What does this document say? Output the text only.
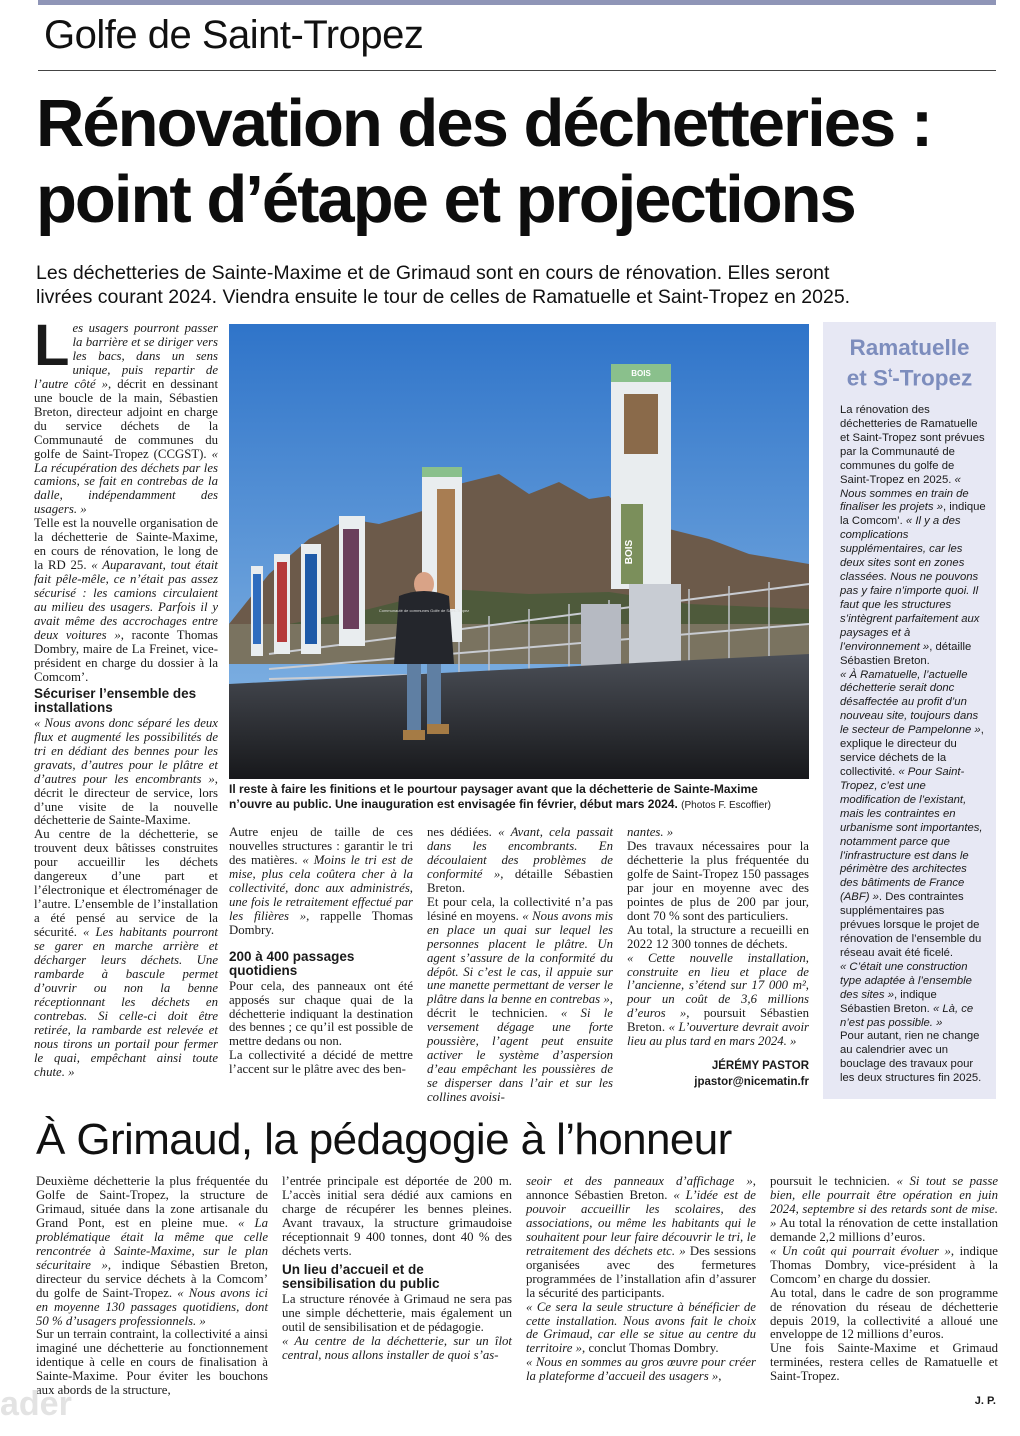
Golfe de Saint-Tropez
Rénovation des déchetteries :
point d’étape et projections
Les déchetteries de Sainte-Maxime et de Grimaud sont en cours de rénovation. Elles seront
livrées courant 2024. Viendra ensuite le tour de celles de Ramatuelle et Saint-Tropez en 2025.

Les usagers pourront passer la barrière et se diriger vers les bacs, dans un sens unique, puis repartir de l’autre côté », décrit en dessinant une boucle de la main, Sébastien Breton, directeur adjoint en charge du service déchets de la Communauté de communes du golfe de Saint-Tropez (CCGST). « La récupération des déchets par les camions, se fait en contrebas de la dalle, indépendamment des usagers. »

Telle est la nouvelle organisation de la déchetterie de Sainte-Maxime, en cours de rénovation, le long de la RD 25. « Auparavant, tout était fait pêle-mêle, ce n’était pas assez sécurisé : les camions circulaient au milieu des usagers. Parfois il y avait même des accrochages entre deux voitures », raconte Thomas Dombry, maire de La Freinet, vice-président en charge du dossier à la Comcom’.

Sécuriser l’ensemble des installations

« Nous avons donc séparé les deux flux et augmenté les possibilités de tri en dédiant des bennes pour les gravats, d’autres pour le plâtre et d’autres pour les encombrants », décrit le directeur de service, lors d’une visite de la nouvelle déchetterie de Sainte-Maxime.

Au centre de la déchetterie, se trouvent deux bâtisses construites pour accueillir les déchets dangereux d’une part et l’électronique et électroménager de l’autre. L’ensemble de l’installation a été pensé au service de la sécurité. « Les habitants pourront se garer en marche arrière et décharger leurs déchets. Une rambarde à bascule permet d’ouvrir ou non la benne réceptionnant les déchets en contrebas. Si celle-ci doit être retirée, la rambarde est relevée et nous tirons un portail pour fermer le quai, empêchant ainsi toute chute. »

BOIS
BOIS
Communauté de communes Golfe de Saint-Tropez
Il reste à faire les finitions et le pourtour paysager avant que la déchetterie de Sainte-Maxime
n’ouvre au public. Une inauguration est envisagée fin février, début mars 2024. (Photos F. Escoffier)

Autre enjeu de taille de ces nouvelles structures : garantir le tri des matières. « Moins le tri est de mise, plus cela coûtera cher à la collectivité, donc aux administrés, une fois le retraitement effectué par les filières », rappelle Thomas Dombry.

200 à 400 passages quotidiens

Pour cela, des panneaux ont été apposés sur chaque quai de la déchetterie indiquant la destination des bennes ; ce qu’il est possible de mettre dedans ou non.

La collectivité a décidé de mettre l’accent sur le plâtre avec des ben-

nes dédiées. « Avant, cela passait dans les encombrants. En découlaient des problèmes de conformité », détaille Sébastien Breton.

Et pour cela, la collectivité n’a pas lésiné en moyens. « Nous avons mis en place un quai sur lequel les personnes placent le plâtre. Un agent s’assure de la conformité du dépôt. Si c’est le cas, il appuie sur une manette permettant de verser le plâtre dans la benne en contrebas », décrit le technicien. « Si le versement dégage une forte poussière, l’agent peut ensuite activer le système d’aspersion d’eau empêchant les poussières de se disperser dans l’air et sur les collines avoisi-

nantes. »

Des travaux nécessaires pour la déchetterie la plus fréquentée du golfe de Saint-Tropez 150 passages par jour en moyenne avec des pointes de plus de 200 par jour, dont 70 % sont des particuliers.

Au total, la structure a recueilli en 2022 12 300 tonnes de déchets.

« Cette nouvelle installation, construite en lieu et place de l’ancienne, s’étend sur 17 000 m², pour un coût de 3,6 millions d’euros », poursuit Sébastien Breton. « L’ouverture devrait avoir lieu au plus tard en mars 2024. »

JÉRÉMY PASTOR
jpastor@nicematin.fr
Ramatuelle
et $S^t$-Tropez

La rénovation des déchetteries de Ramatuelle et Saint-Tropez sont prévues par la Communauté de communes du golfe de Saint-Tropez en 2025. « Nous sommes en train de finaliser les projets », indique la Comcom’. « Il y a des complications supplémentaires, car les deux sites sont en zones classées. Nous ne pouvons pas y faire n’importe quoi. Il faut que les structures s’intègrent parfaitement aux paysages et à l’environnement », détaille Sébastien Breton.

« À Ramatuelle, l’actuelle déchetterie serait donc désaffectée au profit d’un nouveau site, toujours dans le secteur de Pampelonne », explique le directeur du service déchets de la collectivité. « Pour Saint-Tropez, c’est une modification de l’existant, mais les contraintes en urbanisme sont importantes, notamment parce que l’infrastructure est dans le périmètre des architectes des bâtiments de France (ABF) ». Des contraintes supplémentaires pas prévues lorsque le projet de rénovation de l’ensemble du réseau avait été ficelé.

« C’était une construction type adaptée à l’ensemble des sites », indique Sébastien Breton. « Là, ce n’est pas possible. »

Pour autant, rien ne change au calendrier avec un bouclage des travaux pour les deux structures fin 2025.

À Grimaud, la pédagogie à l’honneur

Deuxième déchetterie la plus fréquentée du Golfe de Saint-Tropez, la structure de Grimaud, située dans la zone artisanale du Grand Pont, est en pleine mue. « La problématique était la même que celle rencontrée à Sainte-Maxime, sur le plan sécuritaire », indique Sébastien Breton, directeur du service déchets à la Comcom’ du golfe de Saint-Tropez. « Nous avons ici en moyenne 130 passages quotidiens, dont 50 % d’usagers professionnels. »

Sur un terrain contraint, la collectivité a ainsi imaginé une déchetterie au fonctionnement identique à celle en cours de finalisation à Sainte-Maxime. Pour éviter les bouchons aux abords de la structure,

l’entrée principale est déportée de 200 m. L’accès initial sera dédié aux camions en charge de récupérer les bennes pleines. Avant travaux, la structure grimaudoise réceptionnait 9 400 tonnes, dont 40 % des déchets verts.

Un lieu d’accueil et de sensibilisation du public

La structure rénovée à Grimaud ne sera pas une simple déchetterie, mais également un outil de sensibilisation et de pédagogie.

« Au centre de la déchetterie, sur un îlot central, nous allons installer de quoi s’as-

seoir et des panneaux d’affichage », annonce Sébastien Breton. « L’idée est de pouvoir accueillir les scolaires, des associations, ou même les habitants qui le souhaitent pour leur faire découvrir le tri, le retraitement des déchets etc. » Des sessions organisées avec des fermetures programmées de l’installation afin d’assurer la sécurité des participants.

« Ce sera la seule structure à bénéficier de cette installation. Nous avons fait le choix de Grimaud, car elle se situe au centre du territoire », conclut Thomas Dombry.

« Nous en sommes au gros œuvre pour créer la plateforme d’accueil des usagers »,

poursuit le technicien. « Si tout se passe bien, elle pourrait être opération en juin 2024, septembre si des retards sont de mise. » Au total la rénovation de cette installation demande 2,2 millions d’euros.

« Un coût qui pourrait évoluer », indique Thomas Dombry, vice-président à la Comcom’ en charge du dossier.

Au total, dans le cadre de son programme de rénovation du réseau de déchetterie depuis 2019, la collectivité a alloué une enveloppe de 12 millions d’euros.

Une fois Sainte-Maxime et Grimaud terminées, restera celles de Ramatuelle et Saint-Tropez.

J. P.
ader
